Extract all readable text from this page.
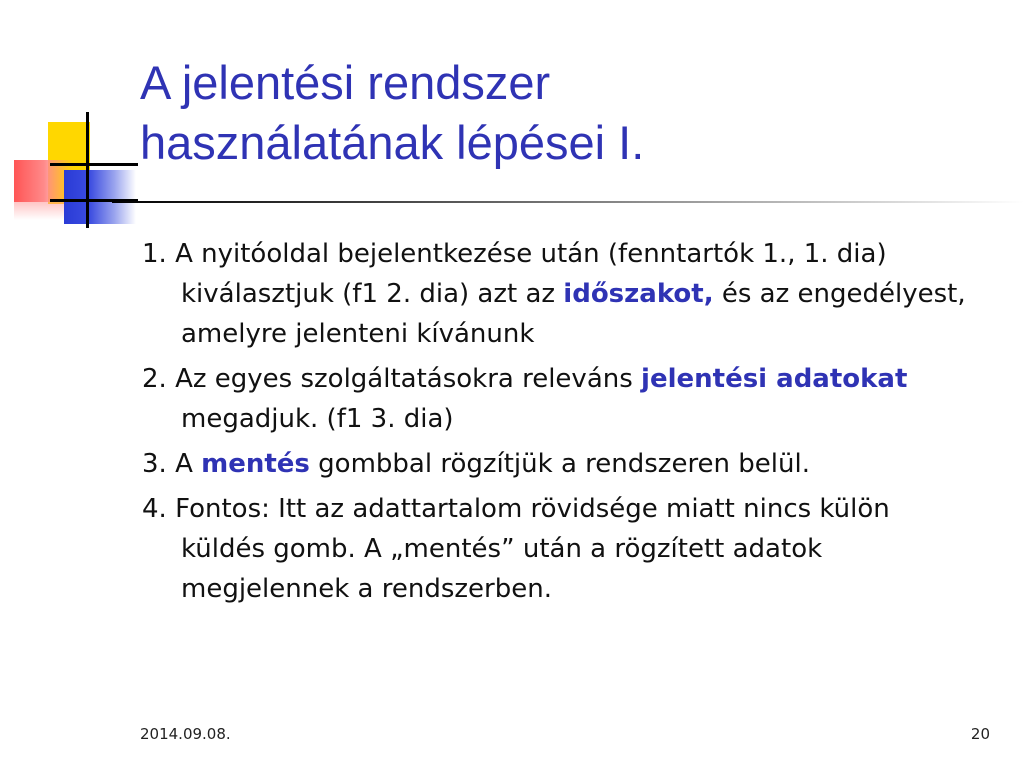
A jelentési rendszer
használatának lépései I.
1. A nyitóoldal bejelentkezése után (fenntartók 1., 1. dia) kiválasztjuk (f1 2. dia) azt az időszakot, és az engedélyest, amelyre jelenteni kívánunk
2. Az egyes szolgáltatásokra releváns jelentési adatokat megadjuk. (f1 3. dia)
3. A mentés gombbal rögzítjük a rendszeren belül.
4. Fontos: Itt az adattartalom rövidsége miatt nincs külön küldés gomb. A „mentés” után a rögzített adatok megjelennek a rendszerben.
2014.09.08.	20
